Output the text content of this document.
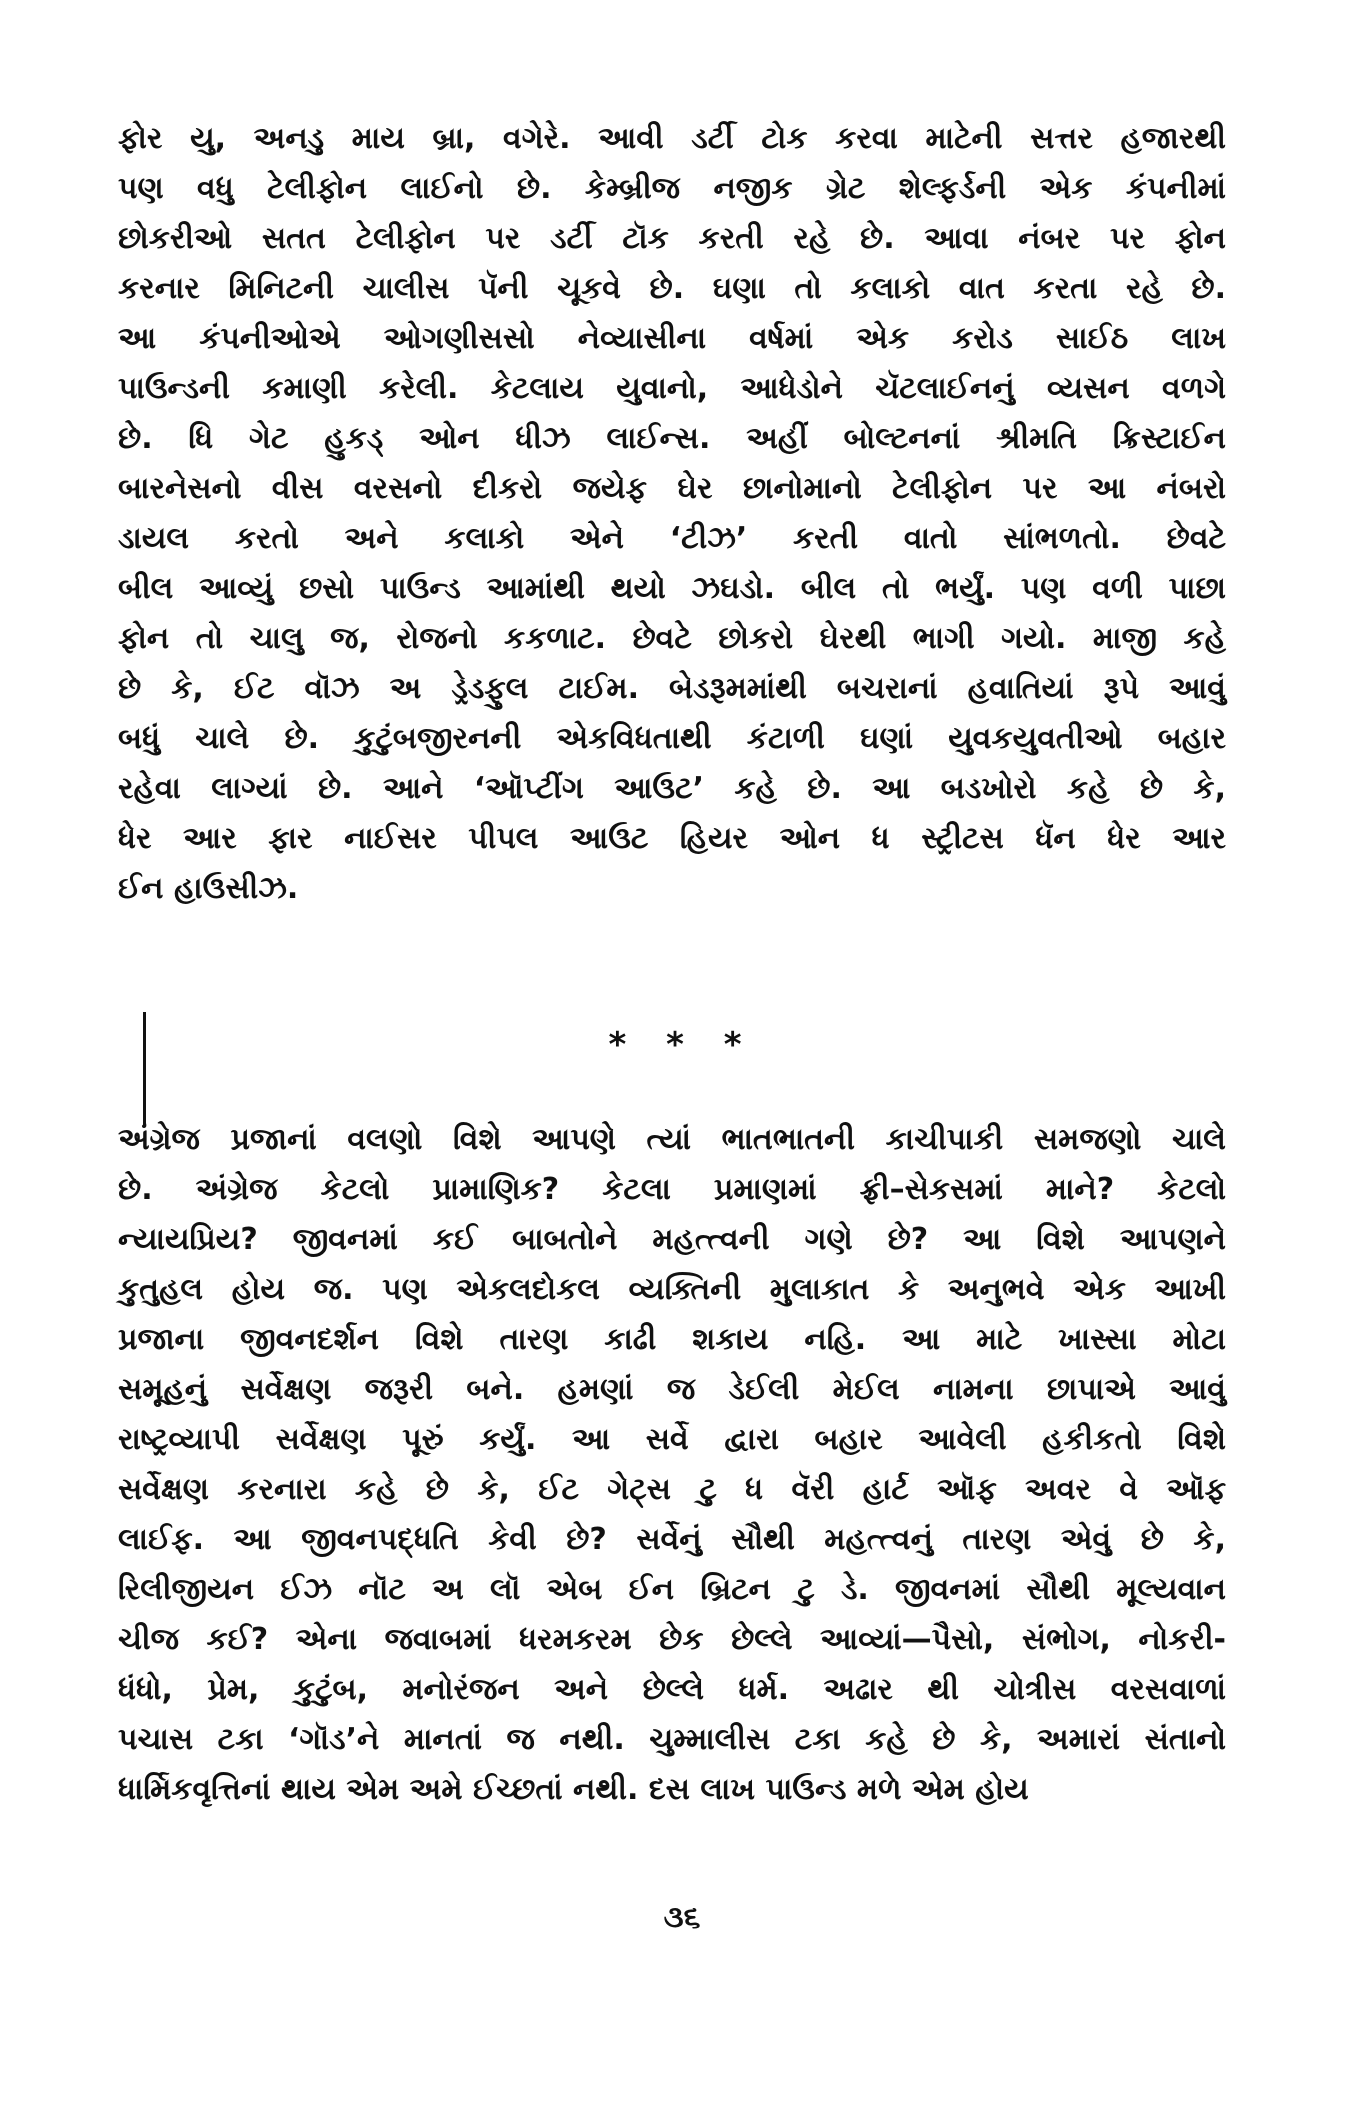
ફોર યુ, અનડુ માય બ્રા, વગેરે. આવી ડર્ટી ટોક કરવા માટેની સત્તર હજારથી
પણ વધુ ટેલીફોન લાઈનો છે. કેમ્બ્રીજ નજીક ગ્રેટ શેલ્ફર્ડની એક કંપનીમાં
છોકરીઓ સતત ટેલીફોન પર ડર્ટી ટૉક કરતી રહે છે. આવા નંબર પર ફોન
કરનાર મિનિટની ચાલીસ પૅની ચૂકવે છે. ઘણા તો કલાકો વાત કરતા રહે છે.
આ કંપનીઓએ ઓગણીસસો નેવ્યાસીના વર્ષમાં એક કરોડ સાઈઠ લાખ
પાઉન્ડની કમાણી કરેલી. કેટલાય યુવાનો, આધેડોને ચૅટલાઈનનું વ્યસન વળગે
છે. ધિ ગેટ હુકડ્ ઓન ધીઝ લાઈન્સ. અહીં બોલ્ટનનાં શ્રીમતિ ક્રિસ્ટાઈન
બારનેસનો વીસ વરસનો દીકરો જયેફ ઘેર છાનોમાનો ટેલીફોન પર આ નંબરો
ડાયલ કરતો અને કલાકો એને ‘ટીઝ’ કરતી વાતો સાંભળતો. છેવટે
બીલ આવ્યું છસો પાઉન્ડ આમાંથી થયો ઝઘડો. બીલ તો ભર્યું. પણ વળી પાછા
ફોન તો ચાલુ જ, રોજનો કકળાટ. છેવટે છોકરો ઘેરથી ભાગી ગયો. માજી કહે
છે કે, ઈટ વૉઝ અ ડ્રેડફુલ ટાઈમ. બેડરૂમમાંથી બચરાનાં હવાતિયાં રૂપે આવું
બધું ચાલે છે. કુટુંબજીરનની એકવિધતાથી કંટાળી ઘણાં યુવકયુવતીઓ બહાર
રહેવા લાગ્યાં છે. આને ‘ઑપ્ટીંગ આઉટ’ કહે છે. આ બડખોરો કહે છે કે,
ધેર આર ફાર નાઈસર પીપલ આઉટ હિયર ઓન ધ સ્ટ્રીટસ ધૅન ધેર આર
ઈન હાઉસીઝ.
* * *
અંગ્રેજ પ્રજાનાં વલણો વિશે આપણે ત્યાં ભાતભાતની કાચીપાકી સમજણો ચાલે
છે. અંગ્રેજ કેટલો પ્રામાણિક? કેટલા પ્રમાણમાં ફ્રી–સેકસમાં માને? કેટલો
ન્યાયપ્રિય? જીવનમાં કઈ બાબતોને મહત્ત્વની ગણે છે? આ વિશે આપણને
કુતુહલ હોય જ. પણ એકલદોકલ વ્યક્તિની મુલાકાત કે અનુભવે એક આખી
પ્રજાના જીવનદર્શન વિશે તારણ કાઢી શકાય નહિ. આ માટે ખાસ્સા મોટા
સમૂહનું સર્વેક્ષણ જરૂરી બને. હમણાં જ ડેઈલી મેઈલ નામના છાપાએ આવું
રાષ્ટ્રવ્યાપી સર્વેક્ષણ પૂરું કર્યું. આ સર્વે દ્વારા બહાર આવેલી હકીકતો વિશે
સર્વેક્ષણ કરનારા કહે છે કે, ઈટ ગેટ્સ ટુ ધ વૅરી હાર્ટ ઑફ અવર વે ઑફ
લાઈફ. આ જીવનપદ્ધતિ કેવી છે? સર્વેનું સૌથી મહત્ત્વનું તારણ એવું છે કે,
રિલીજીયન ઈઝ નૉટ અ લૉ એબ ઈન બ્રિટન ટુ ડે. જીવનમાં સૌથી મૂલ્યવાન
ચીજ કઈ? એના જવાબમાં ધરમકરમ છેક છેલ્લે આવ્યાં—પૈસો, સંભોગ, નોકરી-
ધંધો, પ્રેમ, કુટુંબ, મનોરંજન અને છેલ્લે ધર્મ. અઢાર થી ચોત્રીસ વરસવાળાં
પચાસ ટકા ‘ગૉડ’ને માનતાં જ નથી. ચુમ્માલીસ ટકા કહે છે કે, અમારાં સંતાનો
ધાર્મિકવૃત્તિનાં થાય એમ અમે ઈચ્છતાં નથી. દસ લાખ પાઉન્ડ મળે એમ હોય
૩૬
